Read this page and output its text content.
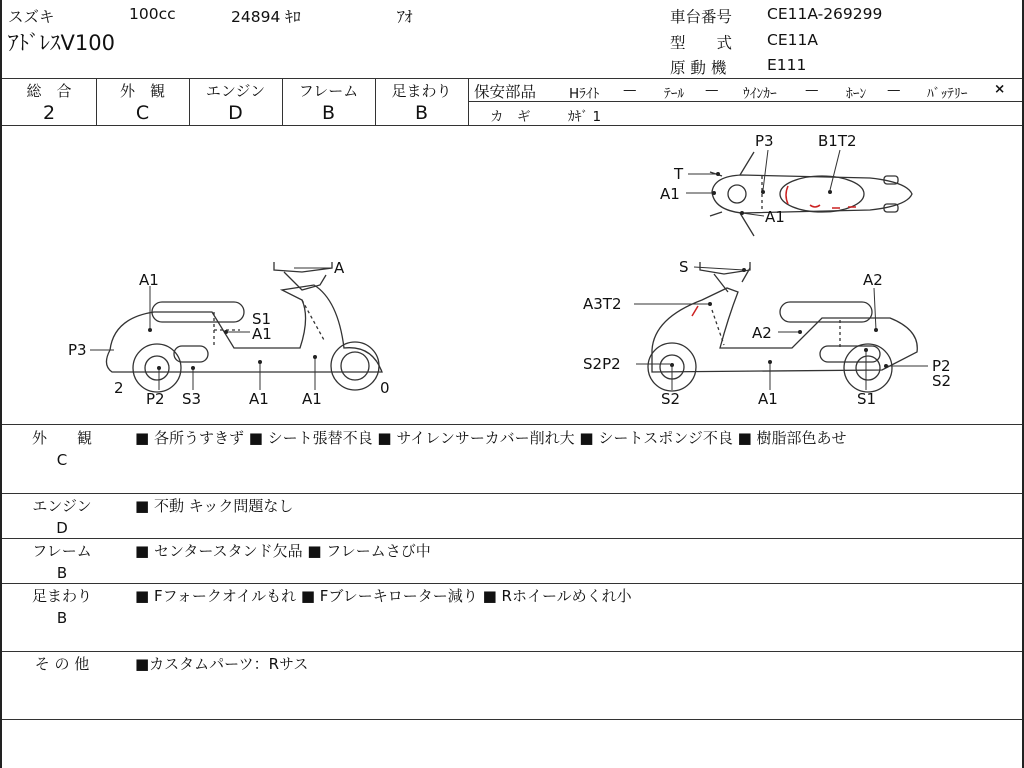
スズキ	100cc	24894 ｷﾛ	ｱｵ
ｱﾄﾞﾚｽV100
車台番号 CE11A-269299
型　　式 CE11A
原 動 機	E111
総　合
2
外　観
C
エンジン
D
フレーム
B
足まわり
B
保安部品 Hﾗｲﾄ — ﾃｰﾙ — ｳｲﾝｶｰ — ﾎｰﾝ — ﾊﾞｯﾃﾘｰ ×
カ　ギ	ｶｷﾞ 1
A
A1
S1
A1
P3
2
P2 S3	A1 A1
0
P3	B1T2
T
A1
A1
S
A2
A3T2
A2
S2P2	P2
S2
S2	A1	S1
外　　観
C
■ 各所うすきず ■ シート張替不良 ■ サイレンサーカバー削れ大 ■ シートスポンジ不良 ■ 樹脂部色あせ
エンジン
D
■ 不動 キック問題なし
フレーム
B
■ センタースタンド欠品 ■ フレームさび中
足まわり
B
■ Fフォークオイルもれ ■ Fブレーキローター減り ■ Rホイールめくれ小
そ の 他	■カスタムパーツ：Rサス
